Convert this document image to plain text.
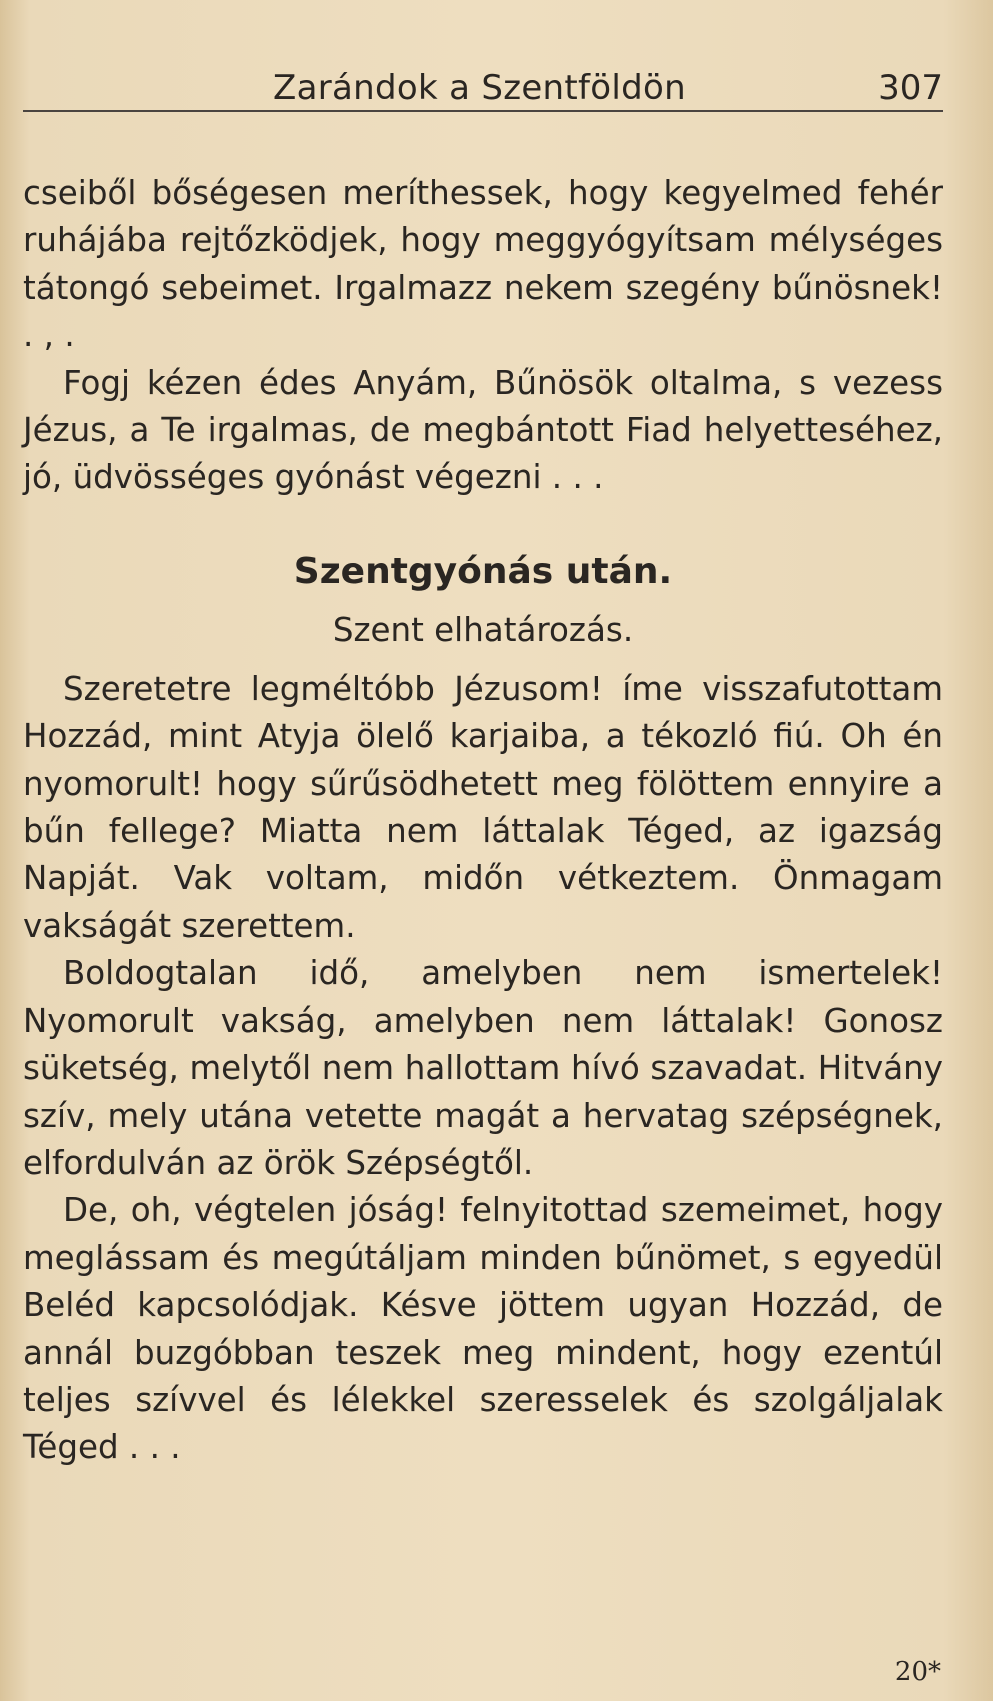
Zarándok a Szentföldön	307

cseiből bőségesen meríthessek, hogy kegyelmed fehér ruhájába rejtőzködjek, hogy meggyógyítsam mélységes tátongó sebeimet. Irgalmazz nekem szegény bűnösnek! . , .

Fogj kézen édes Anyám, Bűnösök oltalma, s vezess Jézus, a Te irgalmas, de megbántott Fiad helyetteséhez, jó, üdvösséges gyónást végezni . . .

Szentgyónás után.
Szent elhatározás.

Szeretetre legméltóbb Jézusom! íme visszafutottam Hozzád, mint Atyja ölelő karjaiba, a tékozló fiú. Oh én nyomorult! hogy sűrűsödhetett meg fölöttem ennyire a bűn fellege? Miatta nem láttalak Téged, az igazság Napját. Vak voltam, midőn vétkeztem. Önmagam vakságát szerettem.

Boldogtalan idő, amelyben nem ismertelek! Nyomorult vakság, amelyben nem láttalak! Gonosz süketség, melytől nem hallottam hívó szavadat. Hitvány szív, mely utána vetette magát a hervatag szépségnek, elfordulván az örök Szépségtől.

De, oh, végtelen jóság! felnyitottad szemeimet, hogy meglássam és megútáljam minden bűnömet, s egyedül Beléd kapcsolódjak. Késve jöttem ugyan Hozzád, de annál buzgóbban teszek meg mindent, hogy ezentúl teljes szívvel és lélekkel szeresselek és szolgáljalak Téged . . .

20*
